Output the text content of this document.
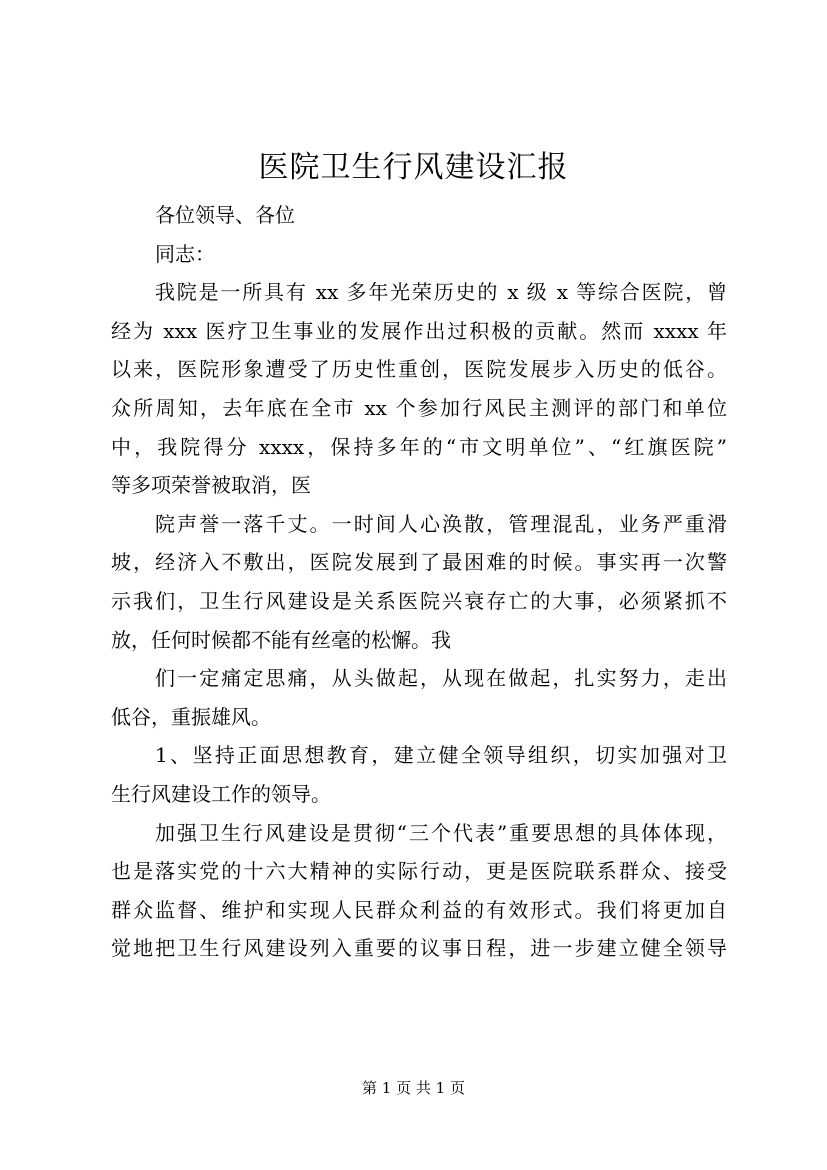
医院卫生行风建设汇报
各位领导、各位
同志：
我院是一所具有 xx 多年光荣历史的 x 级 x 等综合医院，曾
经为 xxx 医疗卫生事业的发展作出过积极的贡献。然而 xxxx 年
以来，医院形象遭受了历史性重创，医院发展步入历史的低谷。
众所周知，去年底在全市 xx 个参加行风民主测评的部门和单位
中，我院得分 xxxx，保持多年的“市文明单位”、“红旗医院”
等多项荣誉被取消，医
院声誉一落千丈。一时间人心涣散，管理混乱，业务严重滑
坡，经济入不敷出，医院发展到了最困难的时候。事实再一次警
示我们，卫生行风建设是关系医院兴衰存亡的大事，必须紧抓不
放，任何时候都不能有丝毫的松懈。我
们一定痛定思痛，从头做起，从现在做起，扎实努力，走出
低谷，重振雄风。
1、坚持正面思想教育，建立健全领导组织，切实加强对卫
生行风建设工作的领导。
加强卫生行风建设是贯彻“三个代表”重要思想的具体体现，
也是落实党的十六大精神的实际行动，更是医院联系群众、接受
群众监督、维护和实现人民群众利益的有效形式。我们将更加自
觉地把卫生行风建设列入重要的议事日程，进一步建立健全领导
第 1 页 共 1 页
